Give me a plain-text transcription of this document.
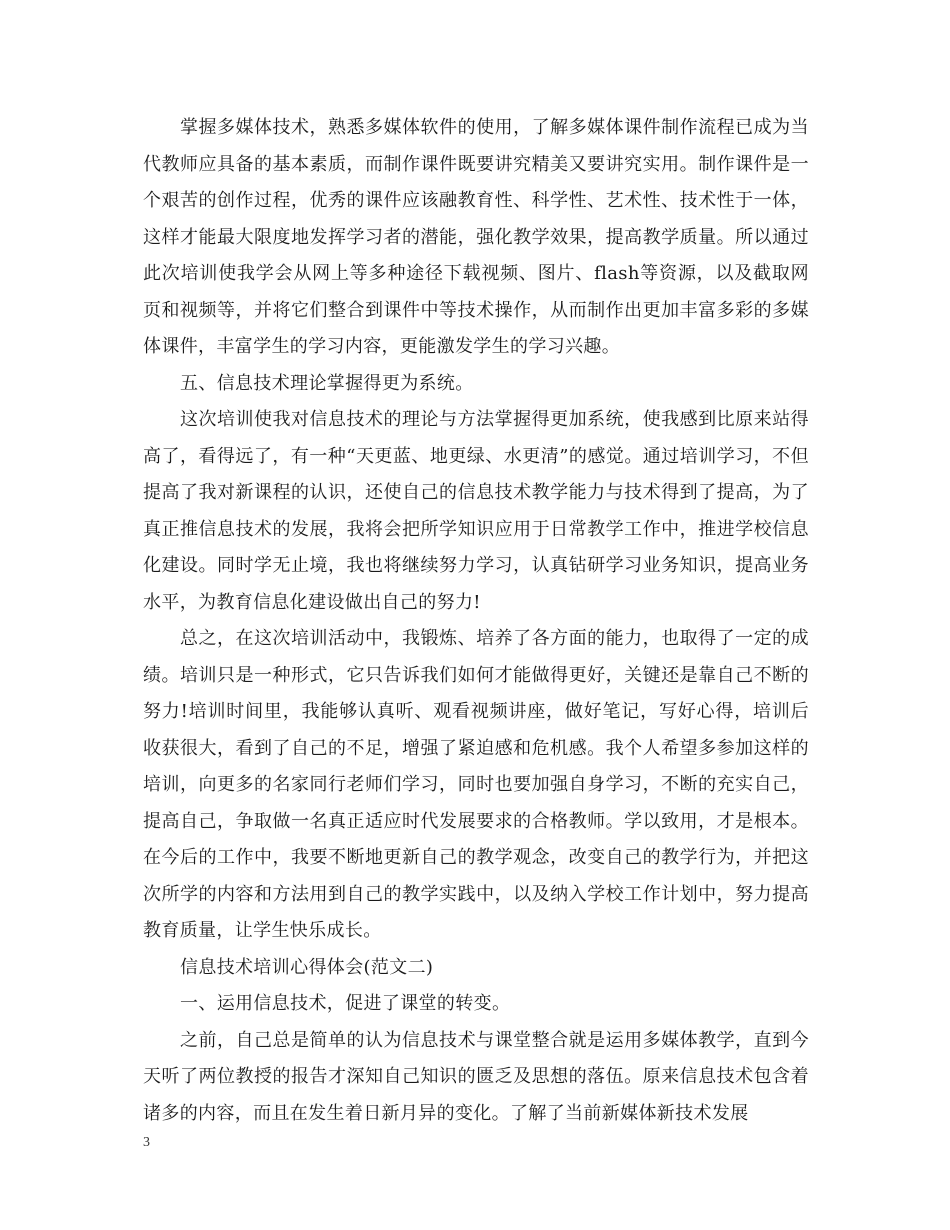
掌握多媒体技术，熟悉多媒体软件的使用，了解多媒体课件制作流程已成为当代教师应具备的基本素质，而制作课件既要讲究精美又要讲究实用。制作课件是一个艰苦的创作过程，优秀的课件应该融教育性、科学性、艺术性、技术性于一体，这样才能最大限度地发挥学习者的潜能，强化教学效果，提高教学质量。所以通过此次培训使我学会从网上等多种途径下载视频、图片、flash等资源，以及截取网页和视频等，并将它们整合到课件中等技术操作，从而制作出更加丰富多彩的多媒体课件，丰富学生的学习内容，更能激发学生的学习兴趣。

五、信息技术理论掌握得更为系统。

这次培训使我对信息技术的理论与方法掌握得更加系统，使我感到比原来站得高了，看得远了，有一种“天更蓝、地更绿、水更清”的感觉。通过培训学习，不但提高了我对新课程的认识，还使自己的信息技术教学能力与技术得到了提高，为了真正推信息技术的发展，我将会把所学知识应用于日常教学工作中，推进学校信息化建设。同时学无止境，我也将继续努力学习，认真钻研学习业务知识，提高业务水平，为教育信息化建设做出自己的努力!

总之，在这次培训活动中，我锻炼、培养了各方面的能力，也取得了一定的成绩。培训只是一种形式，它只告诉我们如何才能做得更好，关键还是靠自己不断的努力!培训时间里，我能够认真听、观看视频讲座，做好笔记，写好心得，培训后收获很大，看到了自己的不足，增强了紧迫感和危机感。我个人希望多参加这样的培训，向更多的名家同行老师们学习，同时也要加强自身学习，不断的充实自己，提高自己，争取做一名真正适应时代发展要求的合格教师。学以致用，才是根本。在今后的工作中，我要不断地更新自己的教学观念，改变自己的教学行为，并把这次所学的内容和方法用到自己的教学实践中，以及纳入学校工作计划中，努力提高教育质量，让学生快乐成长。

信息技术培训心得体会(范文二)

一、运用信息技术，促进了课堂的转变。

之前，自己总是简单的认为信息技术与课堂整合就是运用多媒体教学，直到今天听了两位教授的报告才深知自己知识的匮乏及思想的落伍。原来信息技术包含着诸多的内容，而且在发生着日新月异的变化。了解了当前新媒体新技术发展

3
